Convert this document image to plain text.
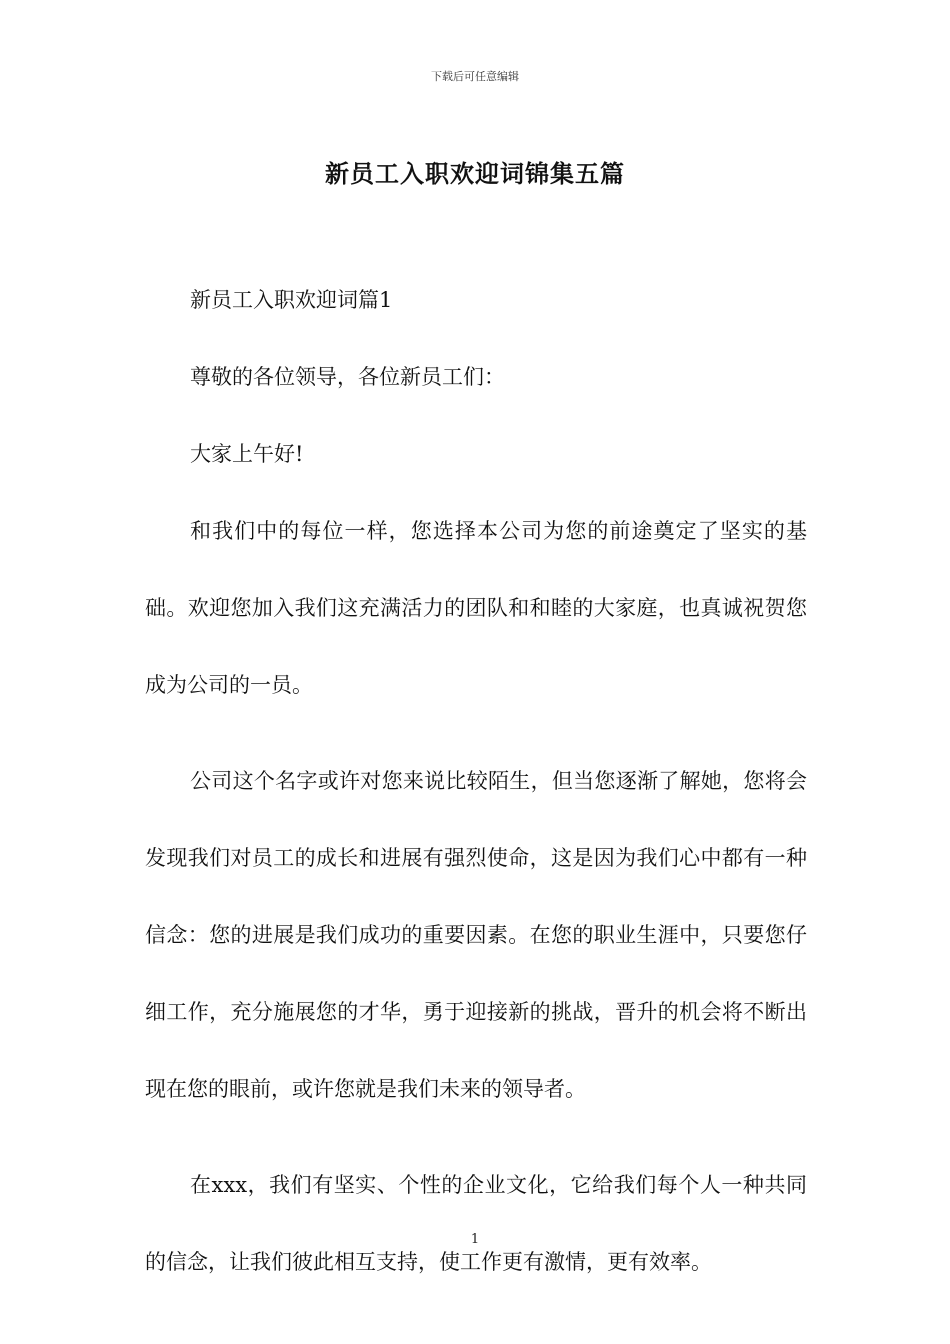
下载后可任意编辑
新员工入职欢迎词锦集五篇

新员工入职欢迎词篇1

尊敬的各位领导，各位新员工们：

大家上午好!

和我们中的每位一样，您选择本公司为您的前途奠定了坚实的基础。欢迎您加入我们这充满活力的团队和和睦的大家庭，也真诚祝贺您成为公司的一员。

公司这个名字或许对您来说比较陌生，但当您逐渐了解她，您将会发现我们对员工的成长和进展有强烈使命，这是因为我们心中都有一种信念：您的进展是我们成功的重要因素。在您的职业生涯中，只要您仔细工作，充分施展您的才华，勇于迎接新的挑战，晋升的机会将不断出现在您的眼前，或许您就是我们未来的领导者。

在xxx，我们有坚实、个性的企业文化，它给我们每个人一种共同的信念，让我们彼此相互支持，使工作更有激情，更有效率。

1
